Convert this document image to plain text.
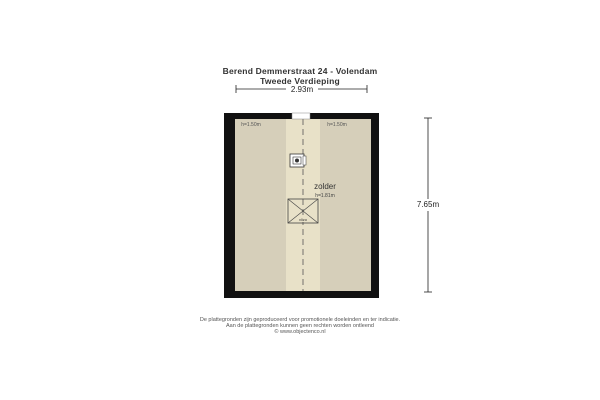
Berend Demmerstraat 24 - Volendam
Tweede Verdieping
2.93m
7.65m
h=1.50m	h=1.50m
zolder
h=1.81m
vlizo
De plattegronden zijn geproduceerd voor promotionele doeleinden en ter indicatie.
Aan de plattegronden kunnen geen rechten worden ontleend
© www.objectenco.nl
